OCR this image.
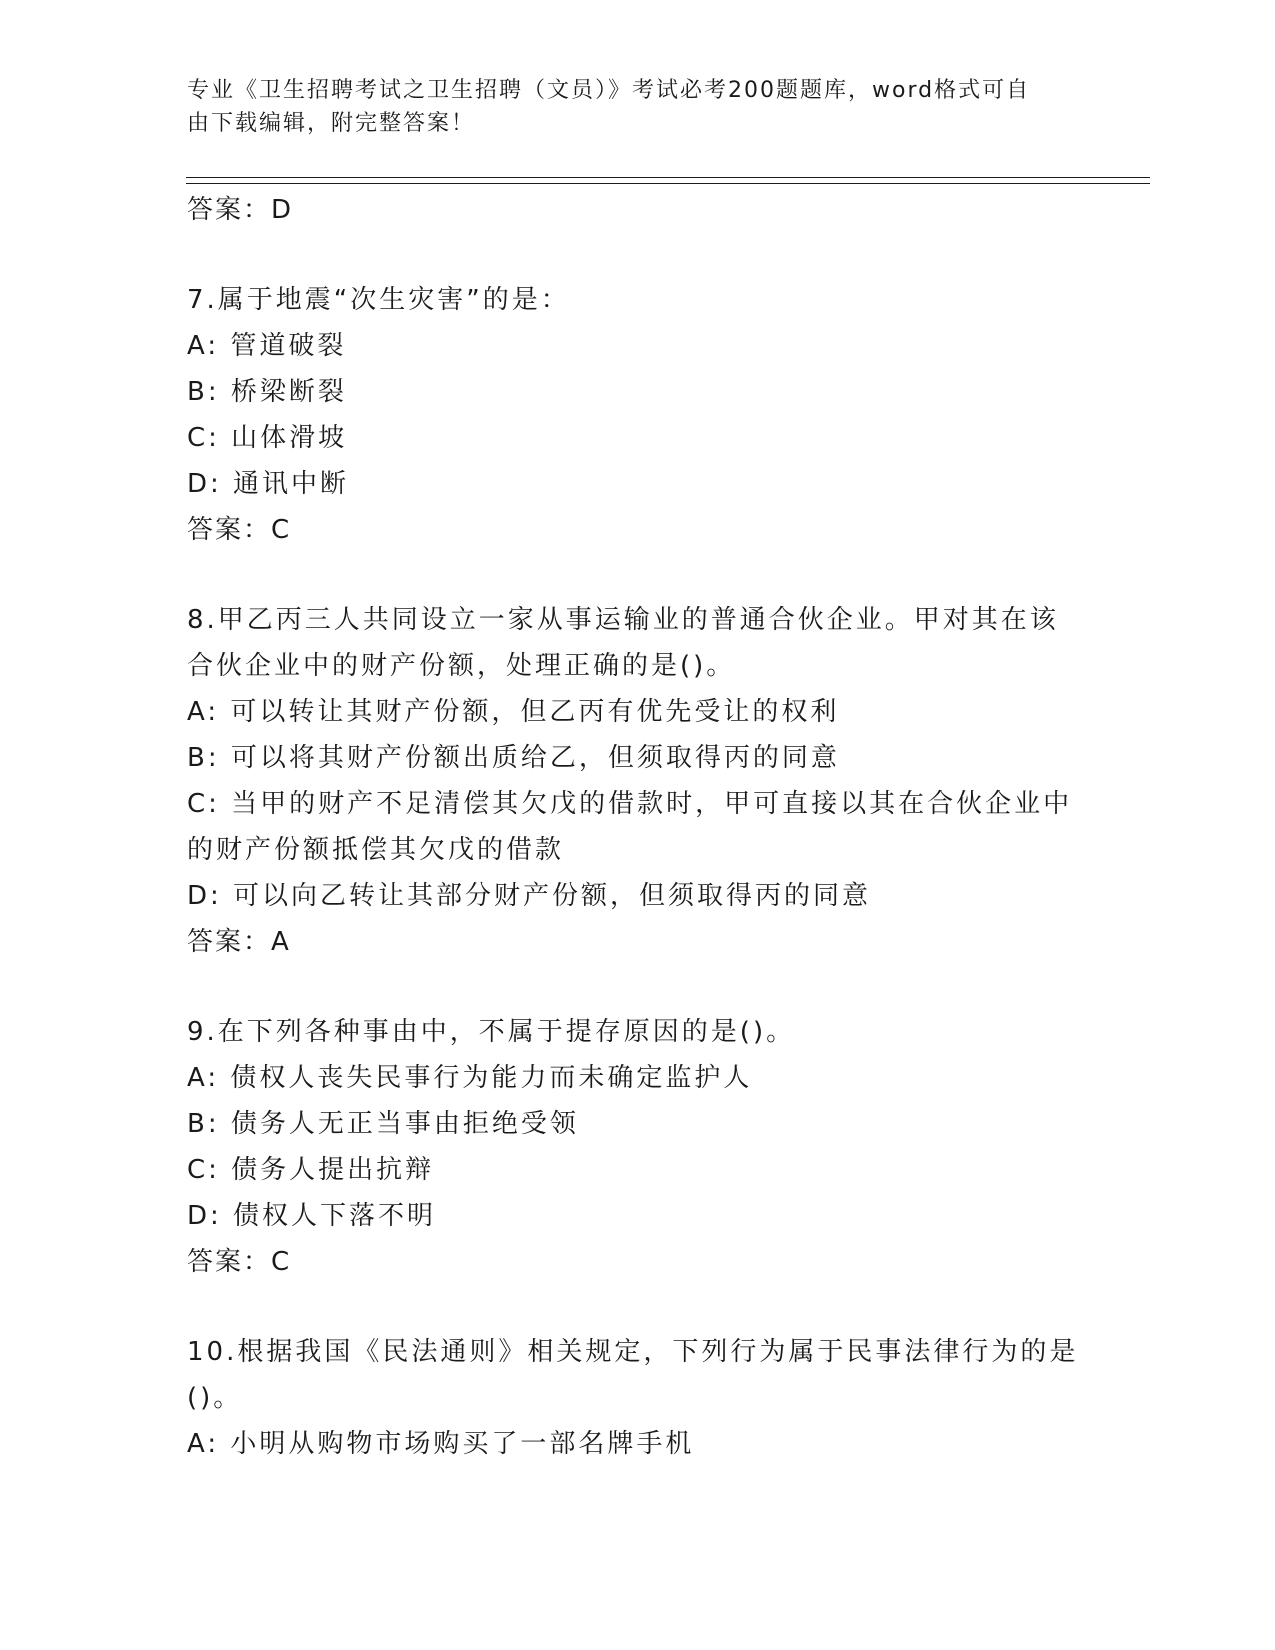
专业《卫生招聘考试之卫生招聘（文员）》考试必考200题题库，word格式可自
由下载编辑，附完整答案！

答案：D

7.属于地震“次生灾害”的是：

A: 管道破裂

B: 桥梁断裂

C: 山体滑坡

D: 通讯中断

答案：C

8.甲乙丙三人共同设立一家从事运输业的普通合伙企业。甲对其在该

合伙企业中的财产份额，处理正确的是()。

A: 可以转让其财产份额，但乙丙有优先受让的权利

B: 可以将其财产份额出质给乙，但须取得丙的同意

C: 当甲的财产不足清偿其欠戊的借款时，甲可直接以其在合伙企业中

的财产份额抵偿其欠戊的借款

D: 可以向乙转让其部分财产份额，但须取得丙的同意

答案：A

9.在下列各种事由中，不属于提存原因的是()。

A: 债权人丧失民事行为能力而未确定监护人

B: 债务人无正当事由拒绝受领

C: 债务人提出抗辩

D: 债权人下落不明

答案：C

10.根据我国《民法通则》相关规定，下列行为属于民事法律行为的是

()。

A: 小明从购物市场购买了一部名牌手机
